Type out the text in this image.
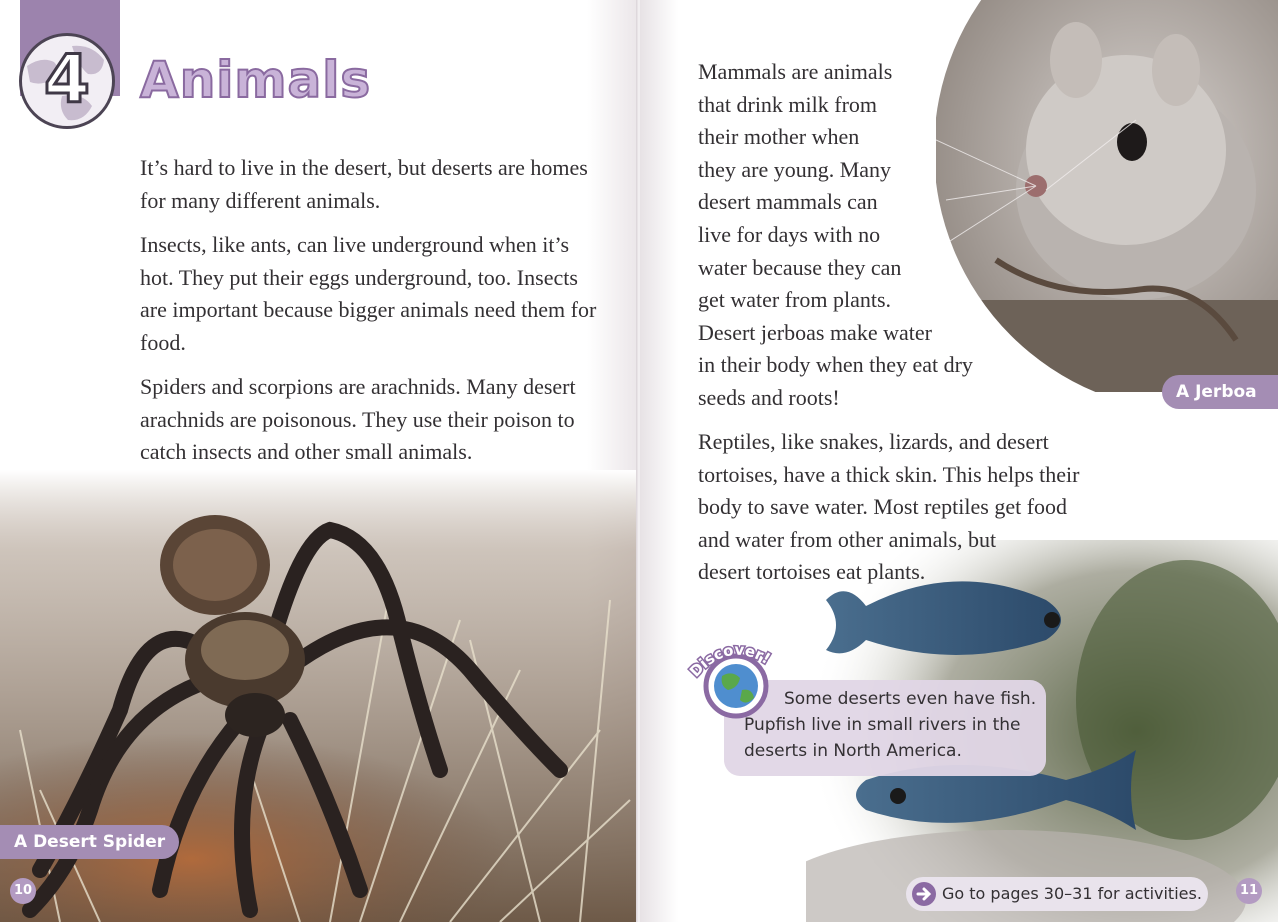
4	Animals

It’s hard to live in the desert, but deserts are homes for many different animals.

Insects, like ants, can live underground when it’s hot. They put their eggs underground, too. Insects are important because bigger animals need them for food.

Spiders and scorpions are arachnids. Many desert arachnids are poisonous. They use their poison to catch insects and other small animals.

A Desert Spider
10
Mammals are animals
that drink milk from
their mother when
they are young. Many
desert mammals can
live for days with no
water because they can
get water from plants.
Desert jerboas make water
in their body when they eat dry
seeds and roots!	A Jerboa
Reptiles, like snakes, lizards, and desert
tortoises, have a thick skin. This helps their
body to save water. Most reptiles get food
and water from other animals, but
desert tortoises eat plants.
Some deserts even have fish.
Pupfish live in small rivers in the
deserts in North America.
Discover!
Go to pages 30–31 for activities.	11
